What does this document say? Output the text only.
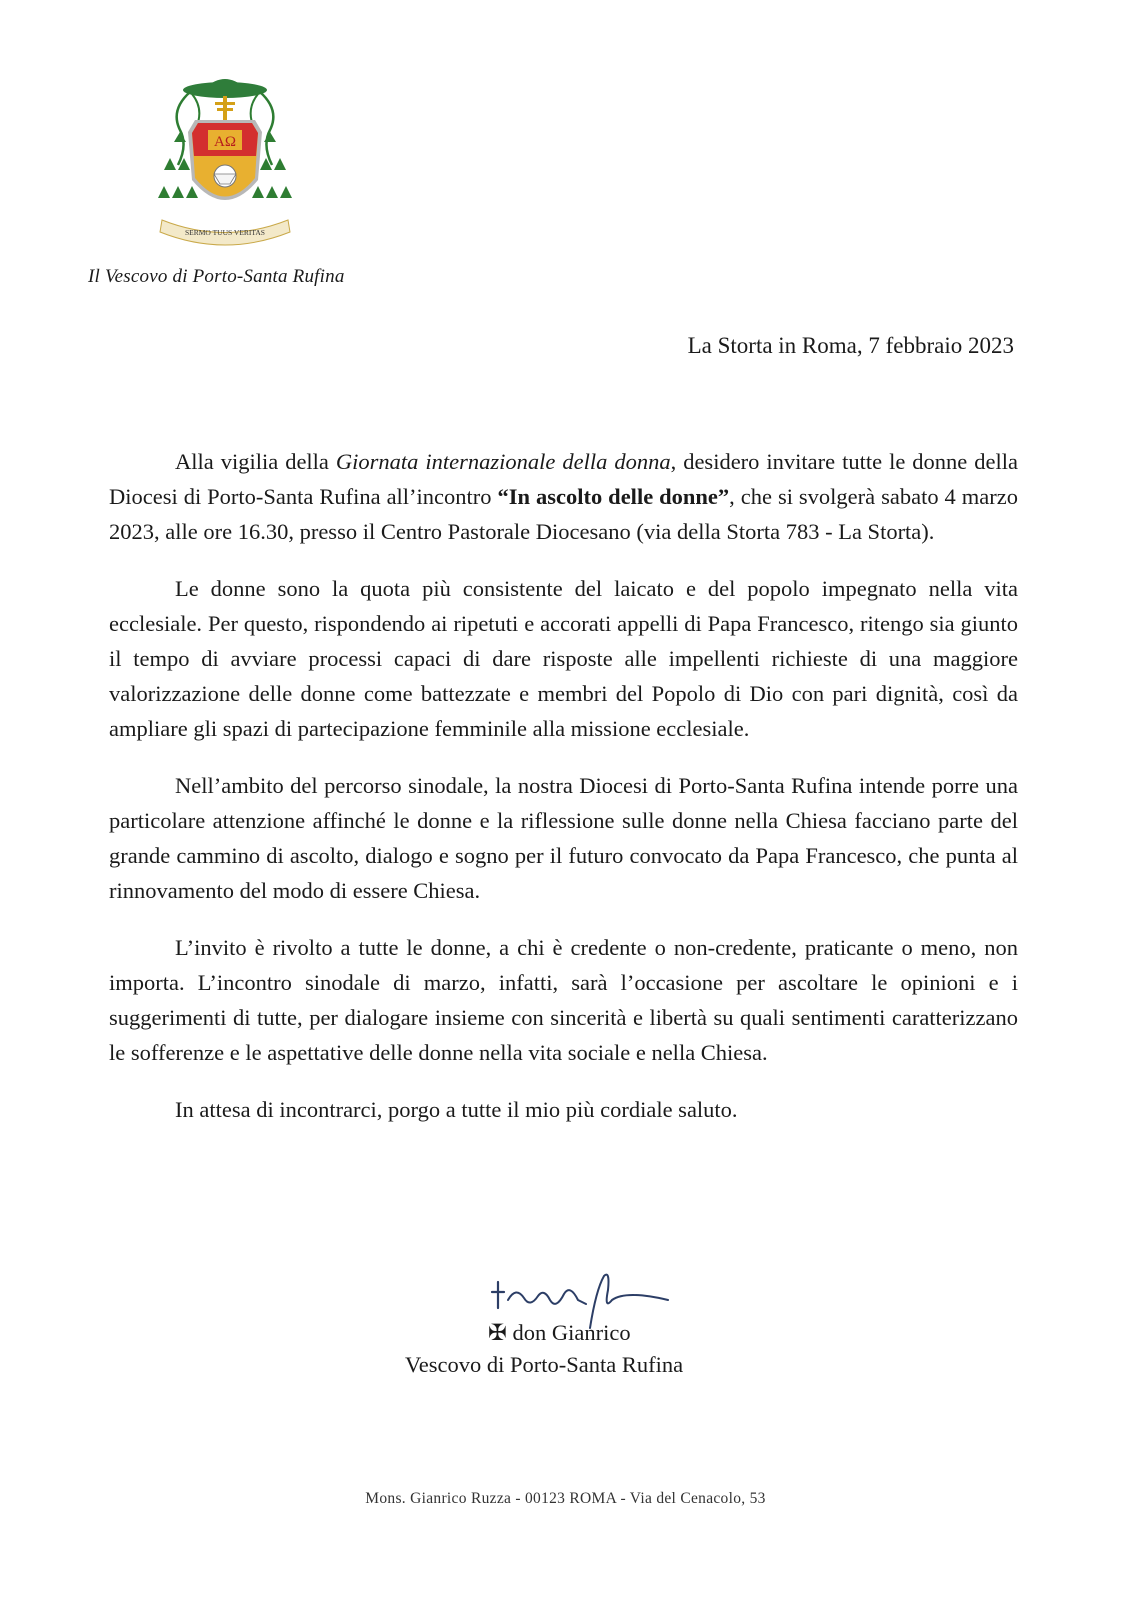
ΑΩ
SERMO TUUS VERITAS
Il Vescovo di Porto-Santa Rufina
La Storta in Roma, 7 febbraio 2023

Alla vigilia della Giornata internazionale della donna, desidero invitare tutte le donne della Diocesi di Porto-Santa Rufina all’incontro “In ascolto delle donne”, che si svolgerà sabato 4 marzo 2023, alle ore 16.30, presso il Centro Pastorale Diocesano (via della Storta 783 - La Storta).

Le donne sono la quota più consistente del laicato e del popolo impegnato nella vita ecclesiale. Per questo, rispondendo ai ripetuti e accorati appelli di Papa Francesco, ritengo sia giunto il tempo di avviare processi capaci di dare risposte alle impellenti richieste di una maggiore valorizzazione delle donne come battezzate e membri del Popolo di Dio con pari dignità, così da ampliare gli spazi di partecipazione femminile alla missione ecclesiale.

Nell’ambito del percorso sinodale, la nostra Diocesi di Porto-Santa Rufina intende porre una particolare attenzione affinché le donne e la riflessione sulle donne nella Chiesa facciano parte del grande cammino di ascolto, dialogo e sogno per il futuro convocato da Papa Francesco, che punta al rinnovamento del modo di essere Chiesa.

L’invito è rivolto a tutte le donne, a chi è credente o non-credente, praticante o meno, non importa. L’incontro sinodale di marzo, infatti, sarà l’occasione per ascoltare le opinioni e i suggerimenti di tutte, per dialogare insieme con sincerità e libertà su quali sentimenti caratterizzano le sofferenze e le aspettative delle donne nella vita sociale e nella Chiesa.

In attesa di incontrarci, porgo a tutte il mio più cordiale saluto.

✠ don Gianrico
Vescovo di Porto-Santa Rufina
Mons. Gianrico Ruzza - 00123 ROMA - Via del Cenacolo, 53
